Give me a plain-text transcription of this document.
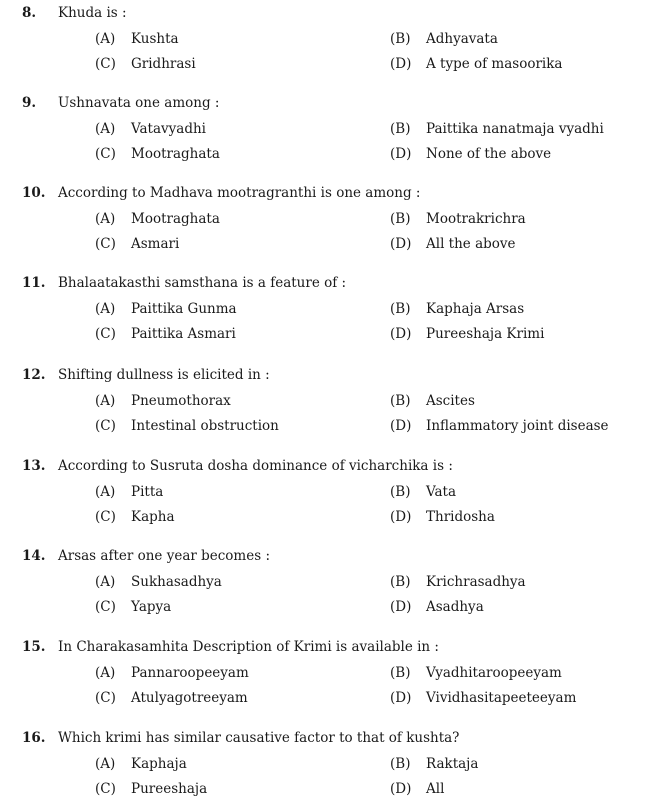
8. Khuda is :
(A) Kushta	(B) Adhyavata
(C) Gridhrasi	(D) A type of masoorika
9. Ushnavata one among :
(A) Vatavyadhi	(B) Paittika nanatmaja vyadhi
(C) Mootraghata	(D) None of the above
10. According to Madhava mootragranthi is one among :
(A) Mootraghata	(B) Mootrakrichra
(C) Asmari	(D) All the above
11. Bhalaatakasthi samsthana is a feature of :
(A) Paittika Gunma	(B) Kaphaja Arsas
(C) Paittika Asmari	(D) Pureeshaja Krimi
12. Shifting dullness is elicited in :
(A) Pneumothorax	(B) Ascites
(C) Intestinal obstruction	(D) Inflammatory joint disease
13. According to Susruta dosha dominance of vicharchika is :
(A) Pitta	(B) Vata
(C) Kapha	(D) Thridosha
14. Arsas after one year becomes :
(A) Sukhasadhya	(B) Krichrasadhya
(C) Yapya	(D) Asadhya
15. In Charakasamhita Description of Krimi is available in :
(A) Pannaroopeeyam	(B) Vyadhitaroopeeyam
(C) Atulyagotreeyam	(D) Vividhasitapeeteeyam
16. Which krimi has similar causative factor to that of kushta?
(A) Kaphaja	(B) Raktaja
(C) Pureeshaja	(D) All
